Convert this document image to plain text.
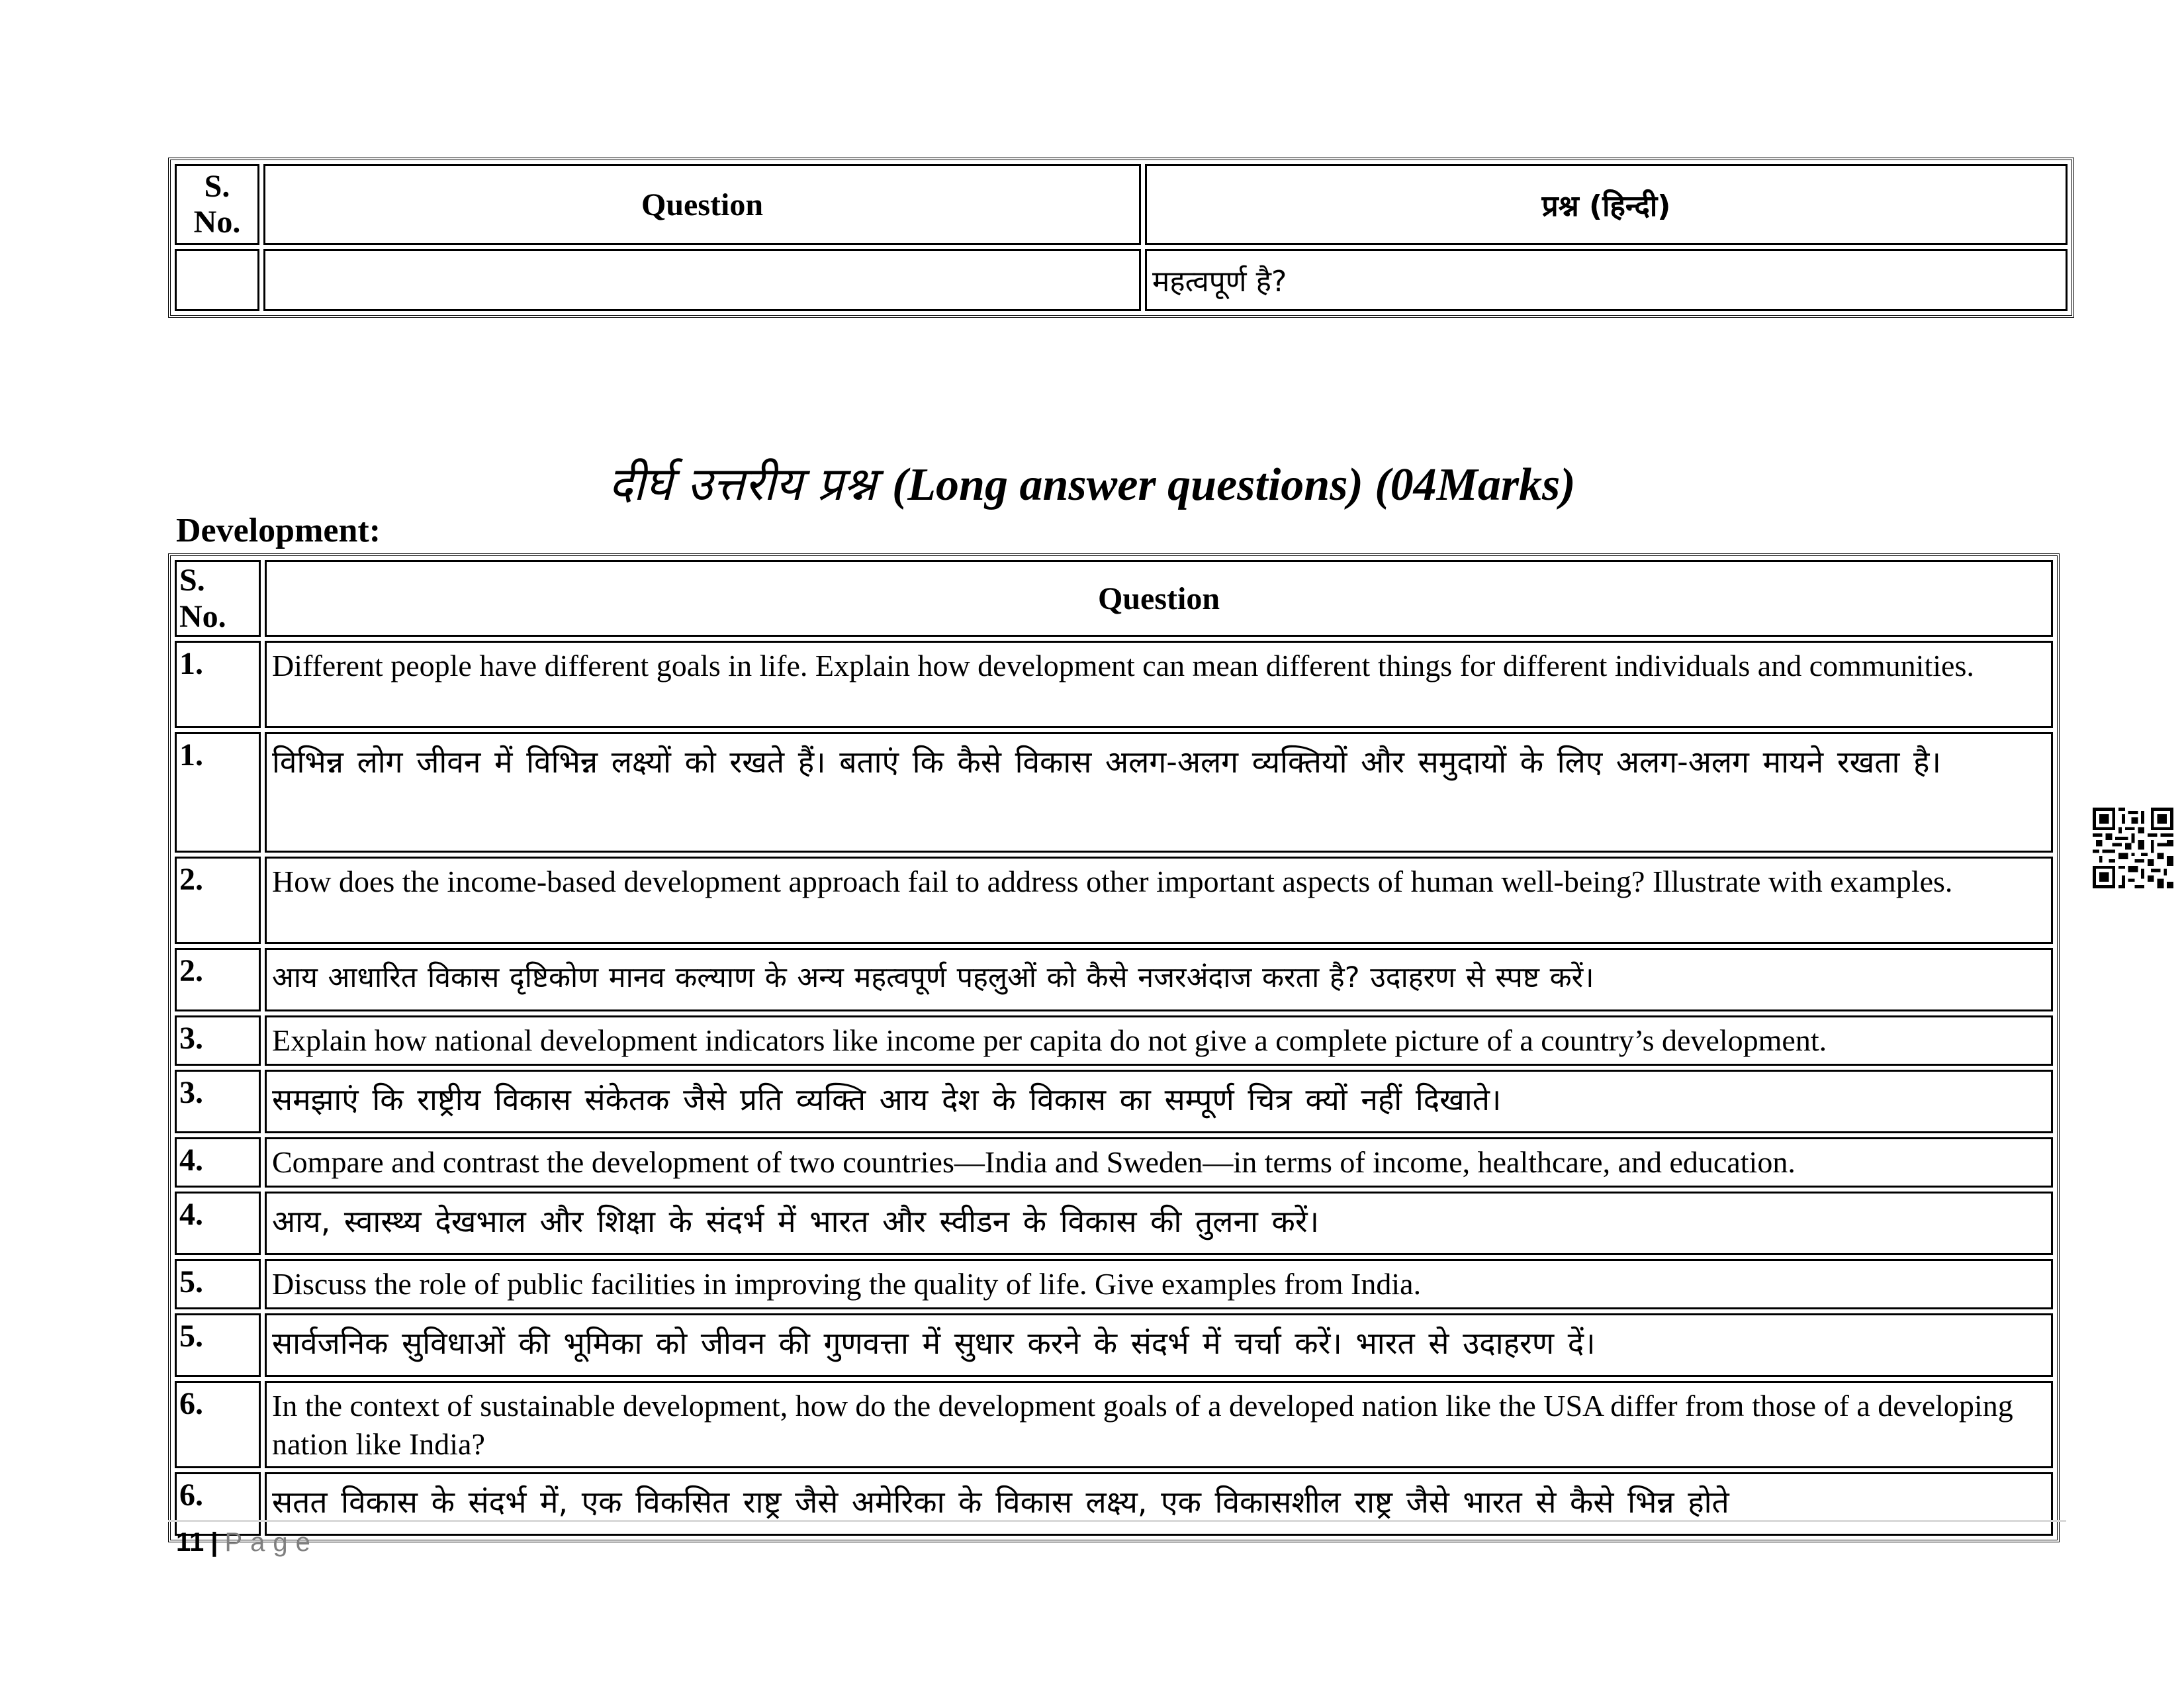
S.
No.	Question	प्रश्न (हिन्दी)
		महत्वपूर्ण है?
दीर्घ उत्तरीय प्रश्न (Long answer questions) (04Marks)
Development:
S. No.	Question
1.	Different people have different goals in life. Explain how development can mean different things for different individuals and communities.
1.	विभिन्न लोग जीवन में विभिन्न लक्ष्यों को रखते हैं। बताएं कि कैसे विकास अलग-अलग व्यक्तियों और समुदायों के लिए अलग-अलग मायने रखता है।
2.	How does the income-based development approach fail to address other important aspects of human well-being? Illustrate with examples.
2.	आय आधारित विकास दृष्टिकोण मानव कल्याण के अन्य महत्वपूर्ण पहलुओं को कैसे नजरअंदाज करता है? उदाहरण से स्पष्ट करें।
3.	Explain how national development indicators like income per capita do not give a complete picture of a country’s development.
3.	समझाएं कि राष्ट्रीय विकास संकेतक जैसे प्रति व्यक्ति आय देश के विकास का सम्पूर्ण चित्र क्यों नहीं दिखाते।
4.	Compare and contrast the development of two countries—India and Sweden—in terms of income, healthcare, and education.
4.	आय, स्वास्थ्य देखभाल और शिक्षा के संदर्भ में भारत और स्वीडन के विकास की तुलना करें।
5.	Discuss the role of public facilities in improving the quality of life. Give examples from India.
5.	सार्वजनिक सुविधाओं की भूमिका को जीवन की गुणवत्ता में सुधार करने के संदर्भ में चर्चा करें। भारत से उदाहरण दें।
6.	In the context of sustainable development, how do the development goals of a developed nation like the USA differ from those of a developing nation like India?
6.	सतत विकास के संदर्भ में, एक विकसित राष्ट्र जैसे अमेरिका के विकास लक्ष्य, एक विकासशील राष्ट्र जैसे भारत से कैसे भिन्न होते
11 | Page
